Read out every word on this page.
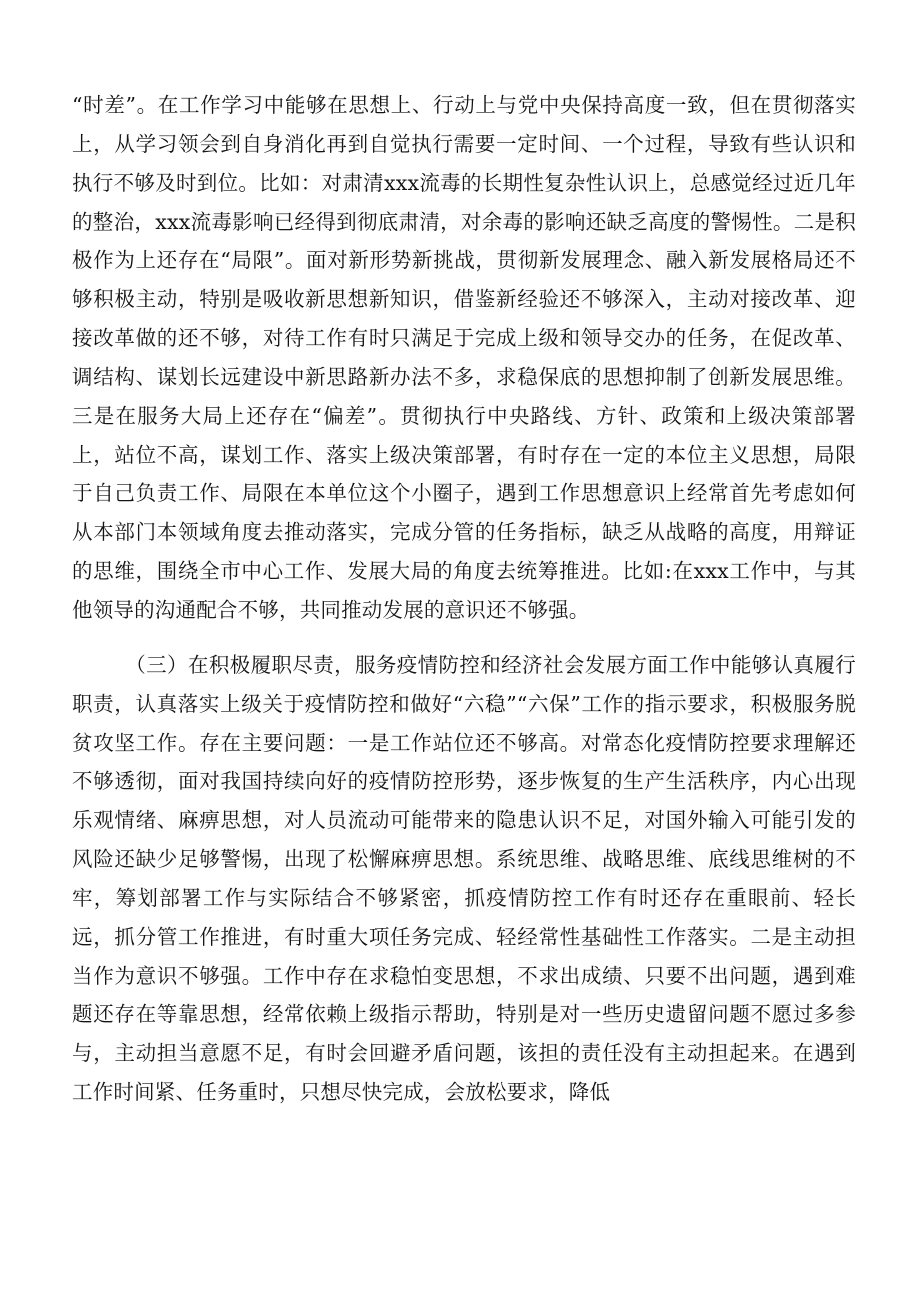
“时差”。在工作学习中能够在思想上、行动上与党中央保持高度一致，但在贯彻落实上，从学习领会到自身消化再到自觉执行需要一定时间、一个过程，导致有些认识和执行不够及时到位。比如：对肃清xxx流毒的长期性复杂性认识上，总感觉经过近几年的整治，xxx流毒影响已经得到彻底肃清，对余毒的影响还缺乏高度的警惕性。二是积极作为上还存在“局限”。面对新形势新挑战，贯彻新发展理念、融入新发展格局还不够积极主动，特别是吸收新思想新知识，借鉴新经验还不够深入，主动对接改革、迎接改革做的还不够，对待工作有时只满足于完成上级和领导交办的任务，在促改革、调结构、谋划长远建设中新思路新办法不多，求稳保底的思想抑制了创新发展思维。三是在服务大局上还存在“偏差”。贯彻执行中央路线、方针、政策和上级决策部署上，站位不高，谋划工作、落实上级决策部署，有时存在一定的本位主义思想，局限于自己负责工作、局限在本单位这个小圈子，遇到工作思想意识上经常首先考虑如何从本部门本领域角度去推动落实，完成分管的任务指标，缺乏从战略的高度，用辩证的思维，围绕全市中心工作、发展大局的角度去统筹推进。比如:在xxx工作中，与其他领导的沟通配合不够，共同推动发展的意识还不够强。

（三）在积极履职尽责，服务疫情防控和经济社会发展方面工作中能够认真履行职责，认真落实上级关于疫情防控和做好“六稳”“六保”工作的指示要求，积极服务脱贫攻坚工作。存在主要问题：一是工作站位还不够高。对常态化疫情防控要求理解还不够透彻，面对我国持续向好的疫情防控形势，逐步恢复的生产生活秩序，内心出现乐观情绪、麻痹思想，对人员流动可能带来的隐患认识不足，对国外输入可能引发的风险还缺少足够警惕，出现了松懈麻痹思想。系统思维、战略思维、底线思维树的不牢，筹划部署工作与实际结合不够紧密，抓疫情防控工作有时还存在重眼前、轻长远，抓分管工作推进，有时重大项任务完成、轻经常性基础性工作落实。二是主动担当作为意识不够强。工作中存在求稳怕变思想，不求出成绩、只要不出问题，遇到难题还存在等靠思想，经常依赖上级指示帮助，特别是对一些历史遗留问题不愿过多参与，主动担当意愿不足，有时会回避矛盾问题，该担的责任没有主动担起来。在遇到工作时间紧、任务重时，只想尽快完成，会放松要求，降低
